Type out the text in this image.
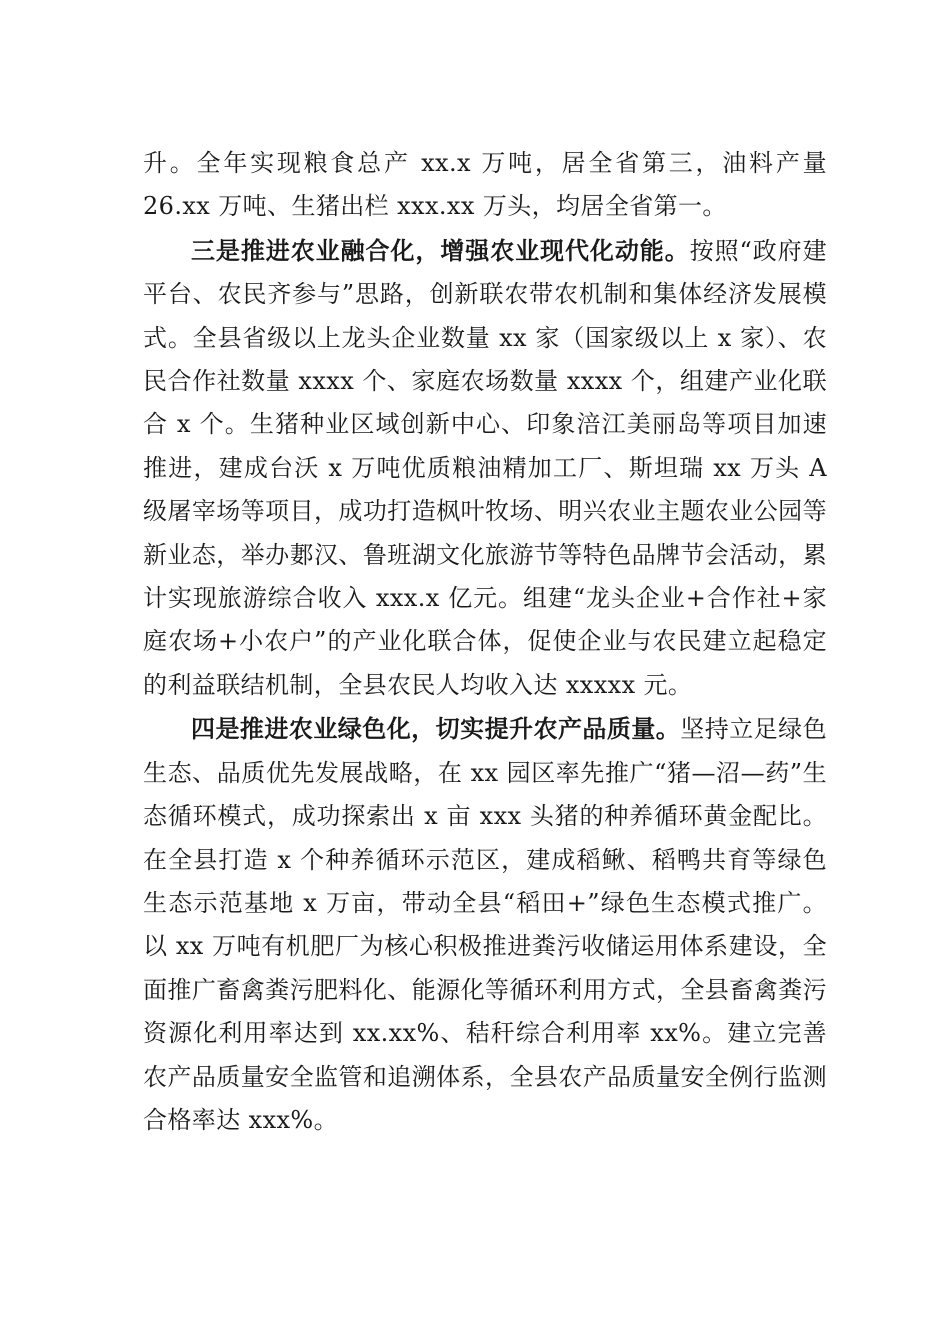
升。全年实现粮食总产 xx.x 万吨，居全省第三，油料产量 26.xx 万吨、生猪出栏 xxx.xx 万头，均居全省第一。

三是推进农业融合化，增强农业现代化动能。按照“政府建平台、农民齐参与”思路，创新联农带农机制和集体经济发展模式。全县省级以上龙头企业数量 xx 家（国家级以上 x 家）、农民合作社数量 xxxx 个、家庭农场数量 xxxx 个，组建产业化联合 x 个。生猪种业区域创新中心、印象涪江美丽岛等项目加速推进，建成台沃 x 万吨优质粮油精加工厂、斯坦瑞 xx 万头 A 级屠宰场等项目，成功打造枫叶牧场、明兴农业主题农业公园等新业态，举办郪汉、鲁班湖文化旅游节等特色品牌节会活动，累计实现旅游综合收入 xxx.x 亿元。组建“龙头企业+合作社+家庭农场+小农户”的产业化联合体，促使企业与农民建立起稳定的利益联结机制，全县农民人均收入达 xxxxx 元。

四是推进农业绿色化，切实提升农产品质量。坚持立足绿色生态、品质优先发展战略，在 xx 园区率先推广“猪—沼—药”生态循环模式，成功探索出 x 亩 xxx 头猪的种养循环黄金配比。在全县打造 x 个种养循环示范区，建成稻鳅、稻鸭共育等绿色生态示范基地 x 万亩，带动全县“稻田+”绿色生态模式推广。以 xx 万吨有机肥厂为核心积极推进粪污收储运用体系建设，全面推广畜禽粪污肥料化、能源化等循环利用方式，全县畜禽粪污资源化利用率达到 xx.xx%、秸秆综合利用率 xx%。建立完善农产品质量安全监管和追溯体系，全县农产品质量安全例行监测合格率达 xxx%。
